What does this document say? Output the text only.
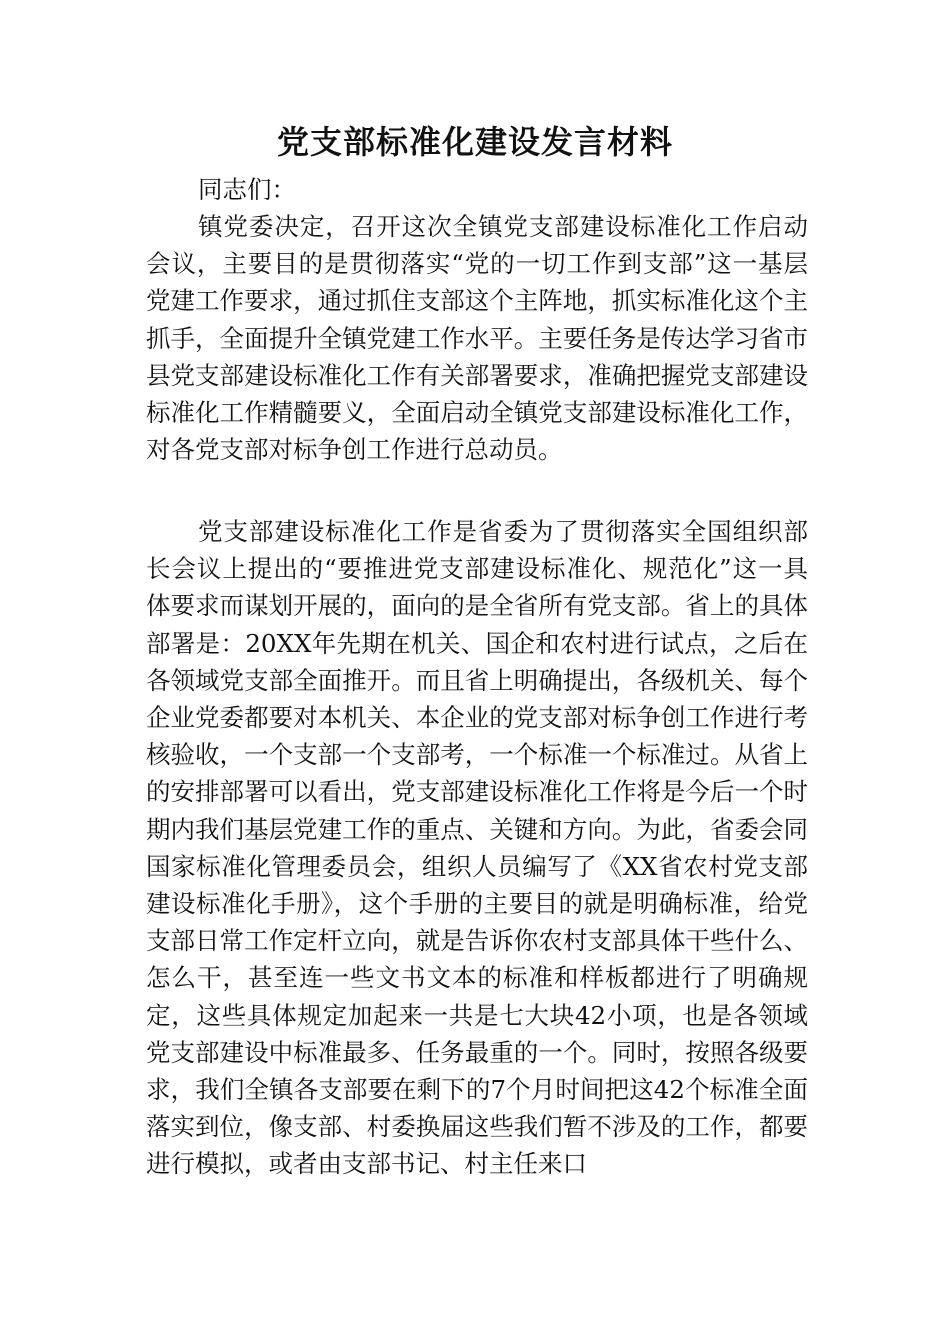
党支部标准化建设发言材料

同志们：

镇党委决定，召开这次全镇党支部建设标准化工作启动会议，主要目的是贯彻落实“党的一切工作到支部”这一基层党建工作要求，通过抓住支部这个主阵地，抓实标准化这个主抓手，全面提升全镇党建工作水平。主要任务是传达学习省市县党支部建设标准化工作有关部署要求，准确把握党支部建设标准化工作精髓要义，全面启动全镇党支部建设标准化工作，对各党支部对标争创工作进行总动员。

党支部建设标准化工作是省委为了贯彻落实全国组织部长会议上提出的“要推进党支部建设标准化、规范化”这一具体要求而谋划开展的，面向的是全省所有党支部。省上的具体部署是：20XX年先期在机关、国企和农村进行试点，之后在各领域党支部全面推开。而且省上明确提出，各级机关、每个企业党委都要对本机关、本企业的党支部对标争创工作进行考核验收，一个支部一个支部考，一个标准一个标准过。从省上的安排部署可以看出，党支部建设标准化工作将是今后一个时期内我们基层党建工作的重点、关键和方向。为此，省委会同国家标准化管理委员会，组织人员编写了《XX省农村党支部建设标准化手册》，这个手册的主要目的就是明确标准，给党支部日常工作定杆立向，就是告诉你农村支部具体干些什么、怎么干，甚至连一些文书文本的标准和样板都进行了明确规定，这些具体规定加起来一共是七大块42小项，也是各领域党支部建设中标准最多、任务最重的一个。同时，按照各级要求，我们全镇各支部要在剩下的7个月时间把这42个标准全面落实到位，像支部、村委换届这些我们暂不涉及的工作，都要进行模拟，或者由支部书记、村主任来口
